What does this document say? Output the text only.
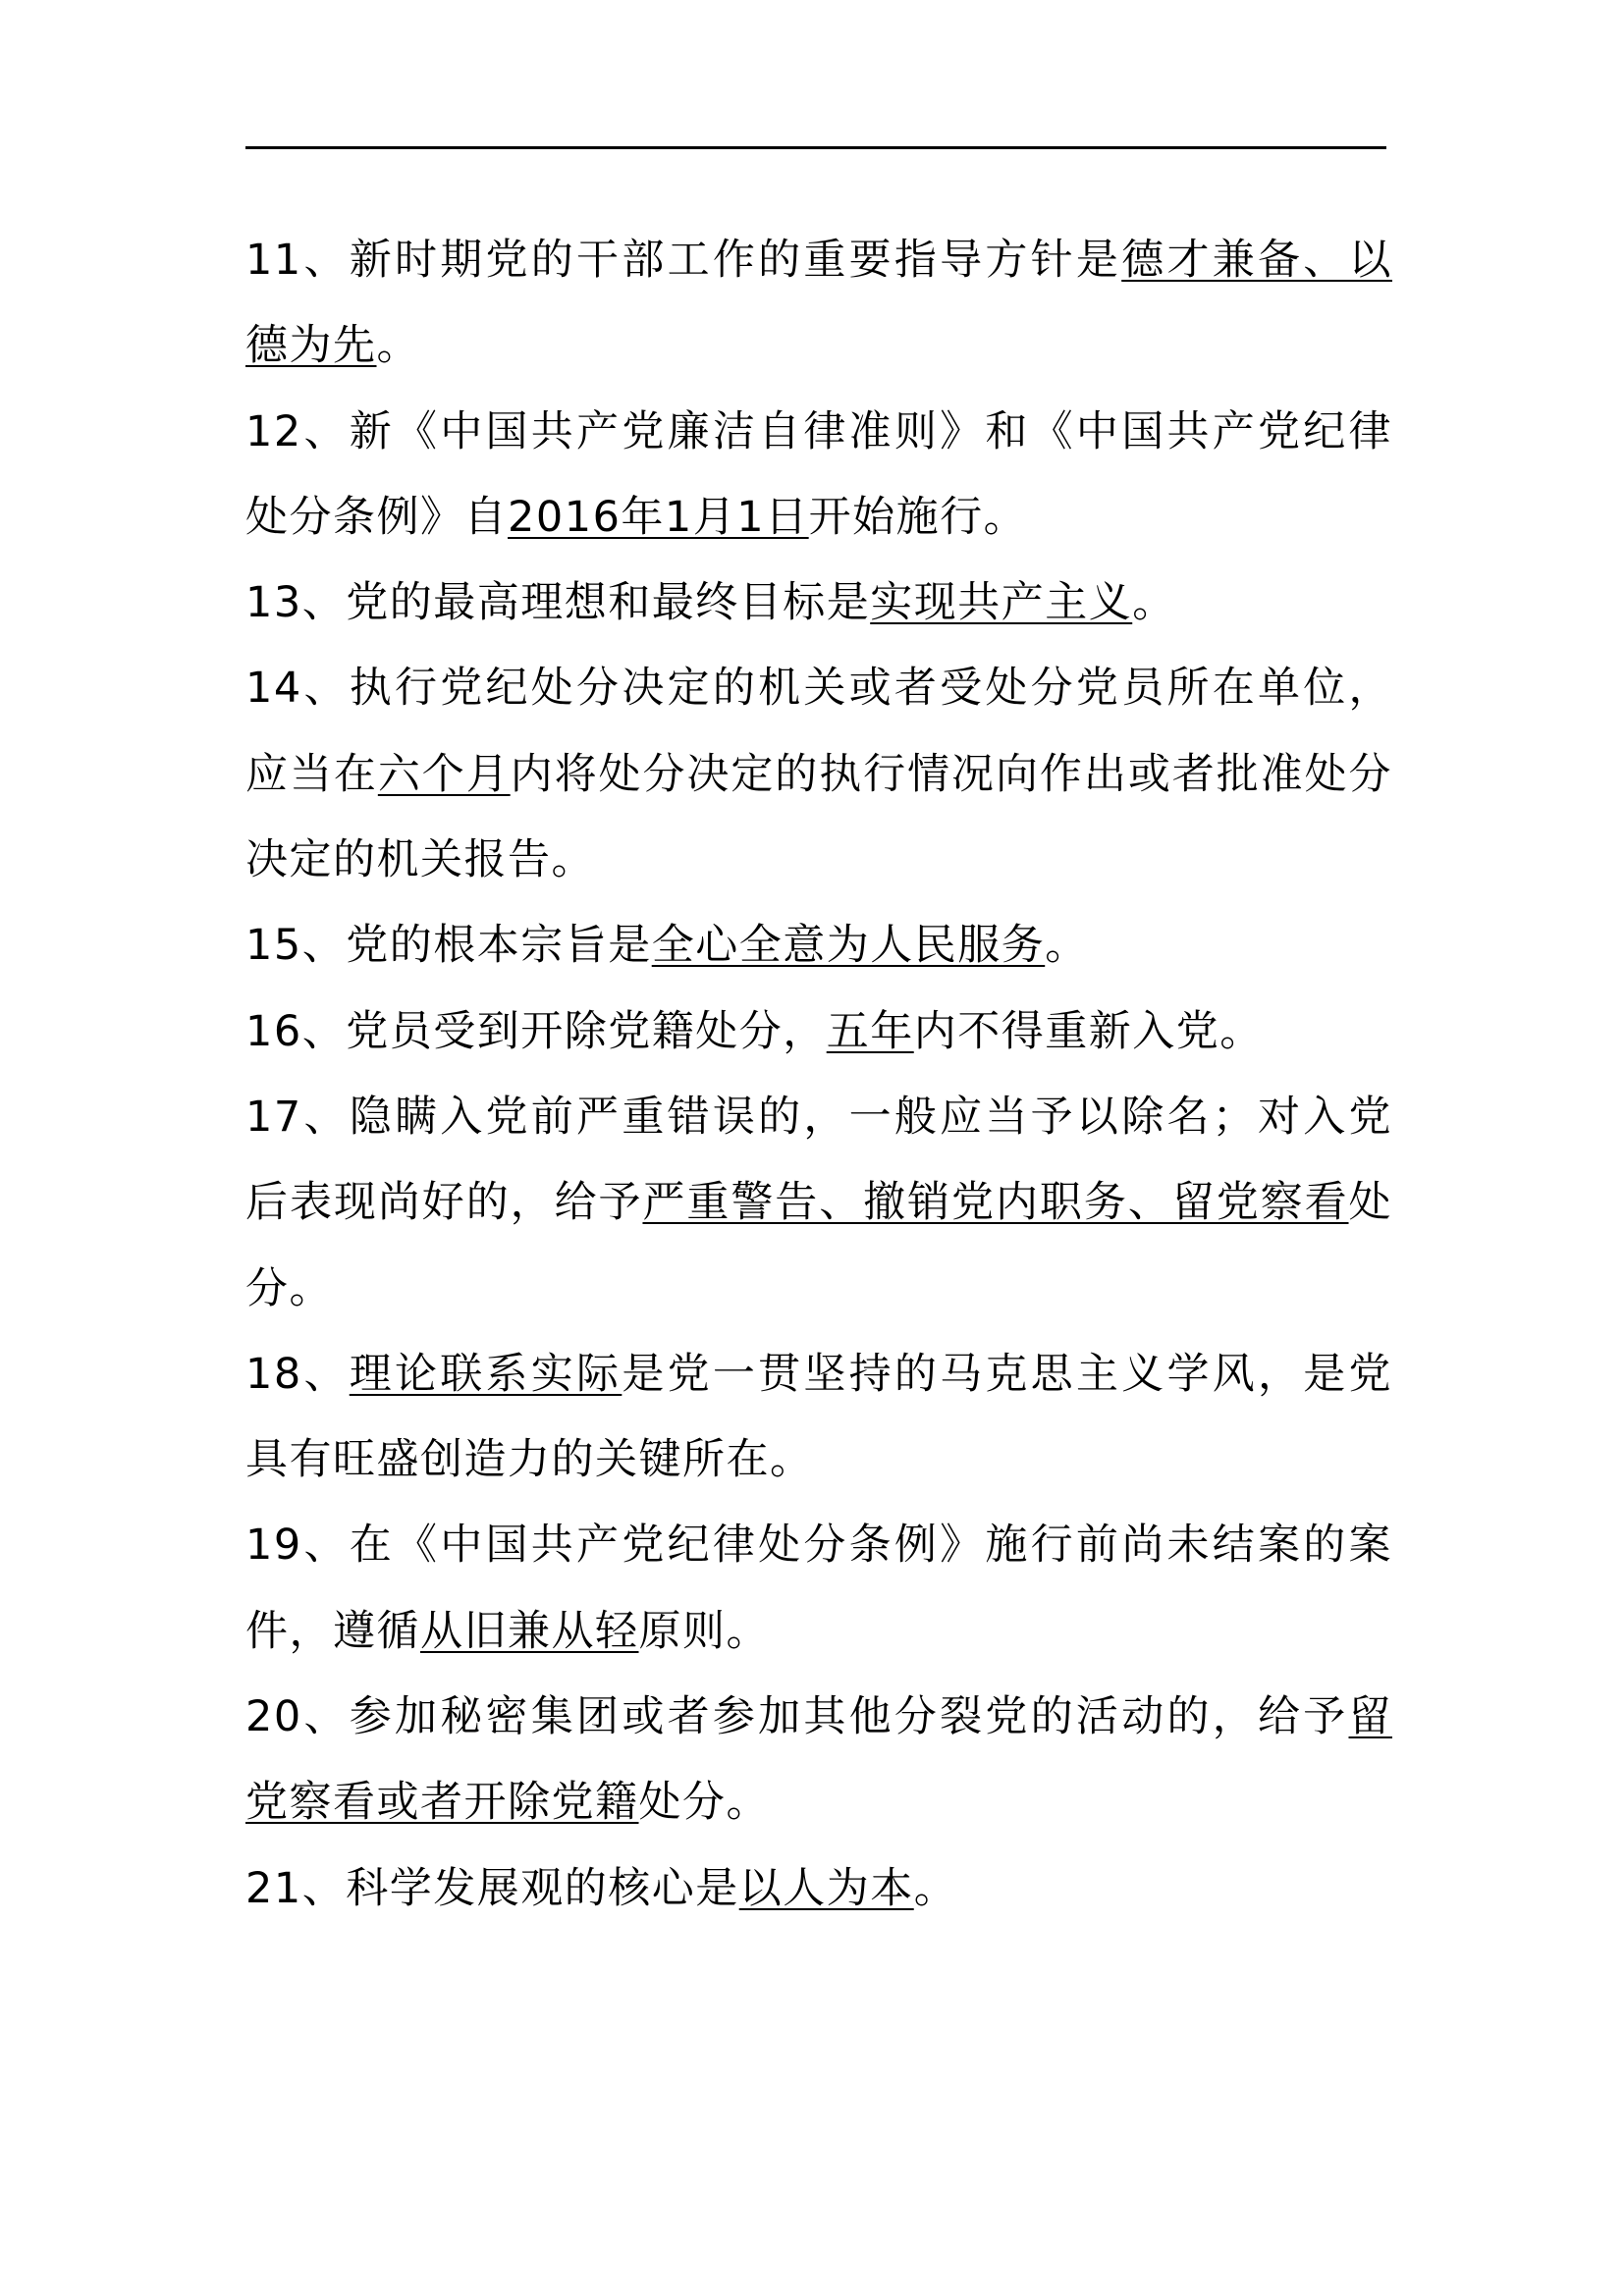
11、新时期党的干部工作的重要指导方针是德才兼备、以德为先。

12、新《中国共产党廉洁自律准则》和《中国共产党纪律处分条例》自2016年1月1日开始施行。

13、党的最高理想和最终目标是实现共产主义。

14、执行党纪处分决定的机关或者受处分党员所在单位，应当在六个月内将处分决定的执行情况向作出或者批准处分决定的机关报告。

15、党的根本宗旨是全心全意为人民服务。

16、党员受到开除党籍处分，五年内不得重新入党。

17、隐瞒入党前严重错误的，一般应当予以除名；对入党后表现尚好的，给予严重警告、撤销党内职务、留党察看处分。

18、理论联系实际是党一贯坚持的马克思主义学风，是党具有旺盛创造力的关键所在。

19、在《中国共产党纪律处分条例》施行前尚未结案的案件，遵循从旧兼从轻原则。

20、参加秘密集团或者参加其他分裂党的活动的，给予留党察看或者开除党籍处分。

21、科学发展观的核心是以人为本。
